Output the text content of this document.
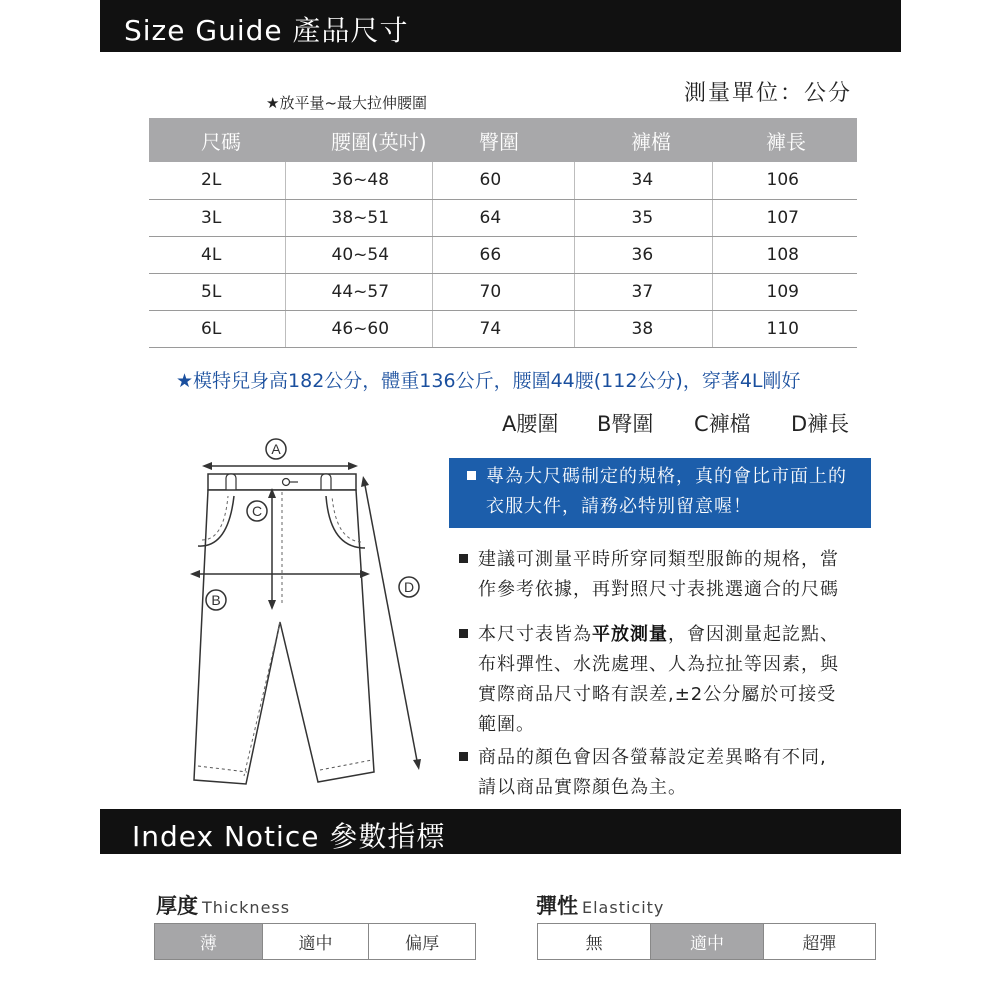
Size Guide 產品尺寸
★放平量~最大拉伸腰圍	測量單位：公分
尺碼	腰圍(英吋)	臀圍	褲檔	褲長
2L	36~48	60	34	106
3L	38~51	64	35	107
4L	40~54	66	36	108
5L	44~57	70	37	109
6L	46~60	74	38	110
★模特兒身高182公分，體重136公斤，腰圍44腰(112公分)，穿著4L剛好
A腰圍 B臀圍 C褲檔 D褲長
A
C
B
D
專為大尺碼制定的規格，真的會比市面上的
衣服大件，請務必特別留意喔！
建議可測量平時所穿同類型服飾的規格，當
作參考依據，再對照尺寸表挑選適合的尺碼
本尺寸表皆為平放測量，會因測量起訖點、
布料彈性、水洗處理、人為拉扯等因素，與
實際商品尺寸略有誤差,±2公分屬於可接受
範圍。
商品的顏色會因各螢幕設定差異略有不同,
請以商品實際顏色為主。
Index Notice 參數指標
厚度 Thickness
薄	適中	偏厚
彈性 Elasticity
無	適中	超彈
